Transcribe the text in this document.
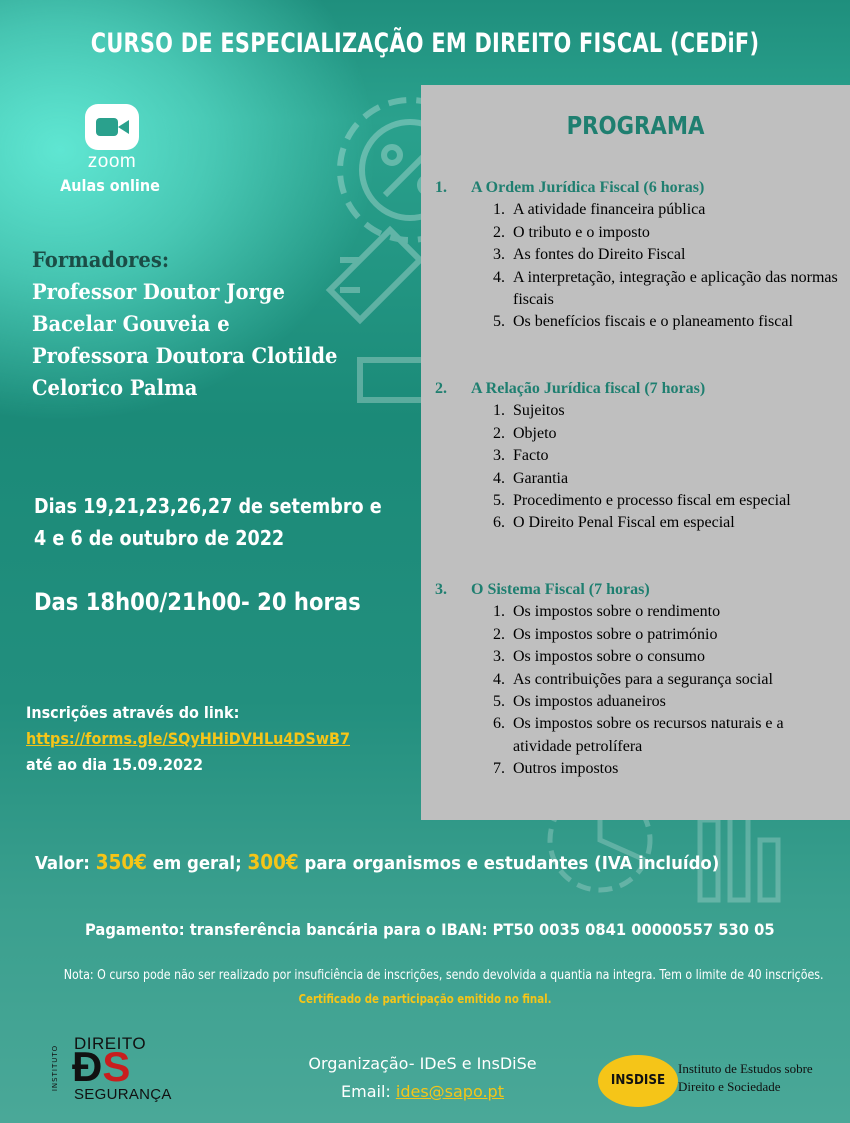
CURSO DE ESPECIALIZAÇÃO EM DIREITO FISCAL (CEDiF)
zoom
Aulas online
Formadores:
Professor Doutor Jorge
Bacelar Gouveia e
Professora Doutora Clotilde
Celorico Palma
Dias 19,21,23,26,27 de setembro e
4 e 6 de outubro de 2022
Das 18h00/21h00- 20 horas
Inscrições através do link:
https://forms.gle/SQyHHiDVHLu4DSwB7
até ao dia 15.09.2022
PROGRAMA
1.	A Ordem Jurídica Fiscal (6 horas)
1. A atividade financeira pública
2. O tributo e o imposto
3. As fontes do Direito Fiscal
4. A interpretação, integração e aplicação das normas fiscais
5. Os benefícios fiscais e o planeamento fiscal
2.	A Relação Jurídica fiscal (7 horas)
1. Sujeitos
2. Objeto
3. Facto
4. Garantia
5. Procedimento e processo fiscal em especial
6. O Direito Penal Fiscal em especial
3.	O Sistema Fiscal (7 horas)
1. Os impostos sobre o rendimento
2. Os impostos sobre o património
3. Os impostos sobre o consumo
4. As contribuições para a segurança social
5. Os impostos aduaneiros
6. Os impostos sobre os recursos naturais e a atividade petrolífera
7. Outros impostos
Valor: 350€ em geral; 300€ para organismos e estudantes (IVA incluído)
Pagamento: transferência bancária para o IBAN: PT50 0035 0841 00000557 530 05
Nota: O curso pode não ser realizado por insuficiência de inscrições, sendo devolvida a quantia na integra. Tem o limite de 40 inscrições.
Certificado de participação emitido no final.
INSTITUTO
DIREITO
ÐS
SEGURANÇA
Organização- IDeS e InsDiSe
Email: ides@sapo.pt
INSDISE
Instituto de Estudos sobre
Direito e Sociedade
